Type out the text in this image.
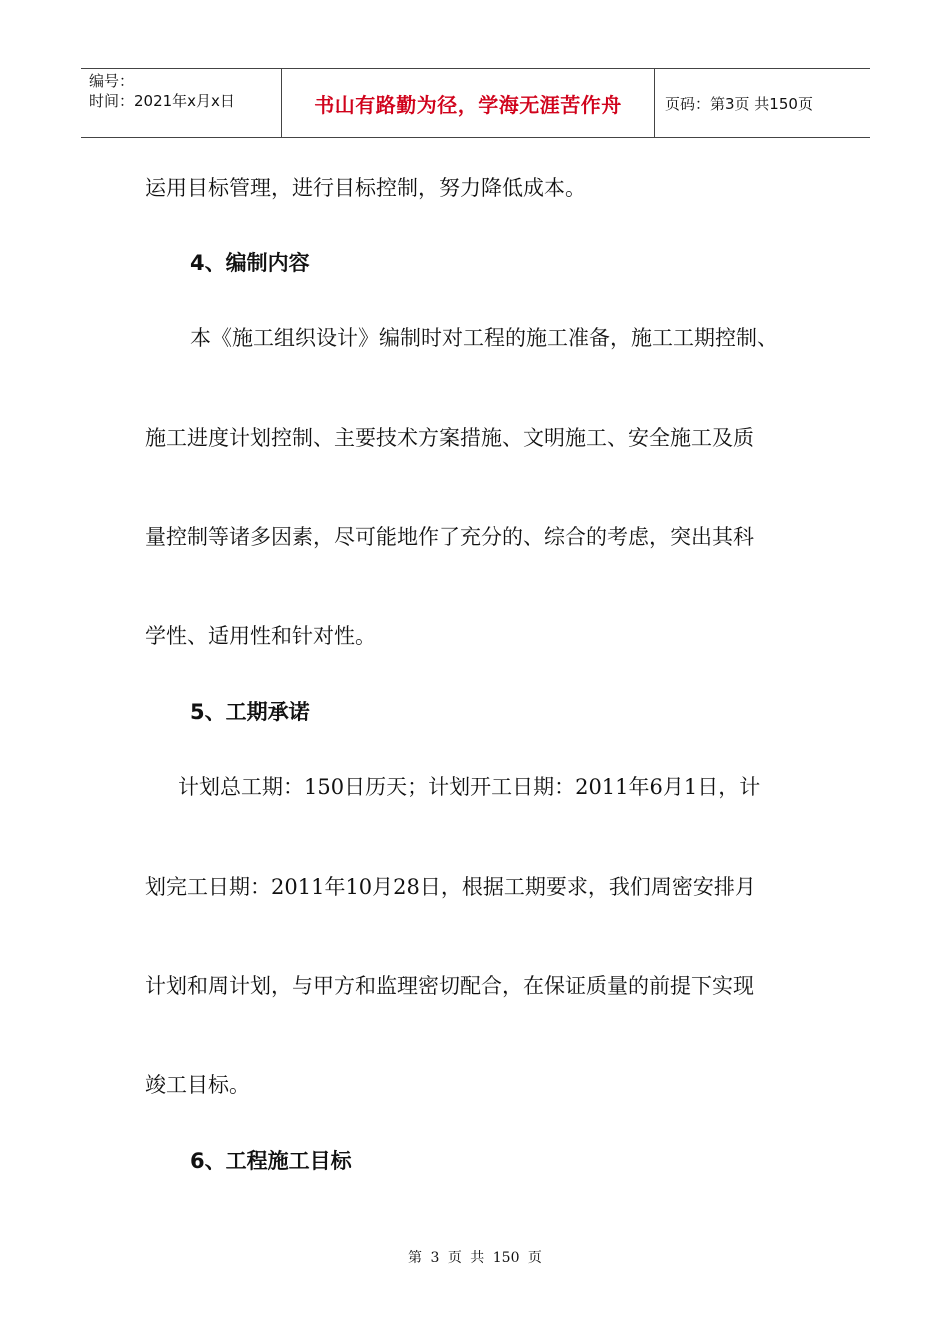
编号：
时间：2021年x月x日	书山有路勤为径，学海无涯苦作舟	页码：第3页 共150页
运用目标管理，进行目标控制，努力降低成本。
4、编制内容
本《施工组织设计》编制时对工程的施工准备，施工工期控制、
施工进度计划控制、主要技术方案措施、文明施工、安全施工及质
量控制等诸多因素，尽可能地作了充分的、综合的考虑，突出其科
学性、适用性和针对性。
5、工期承诺
计划总工期：150日历天；计划开工日期：2011年6月1日，计
划完工日期：2011年10月28日，根据工期要求，我们周密安排月
计划和周计划，与甲方和监理密切配合，在保证质量的前提下实现
竣工目标。
6、工程施工目标
第 3 页 共 150 页
